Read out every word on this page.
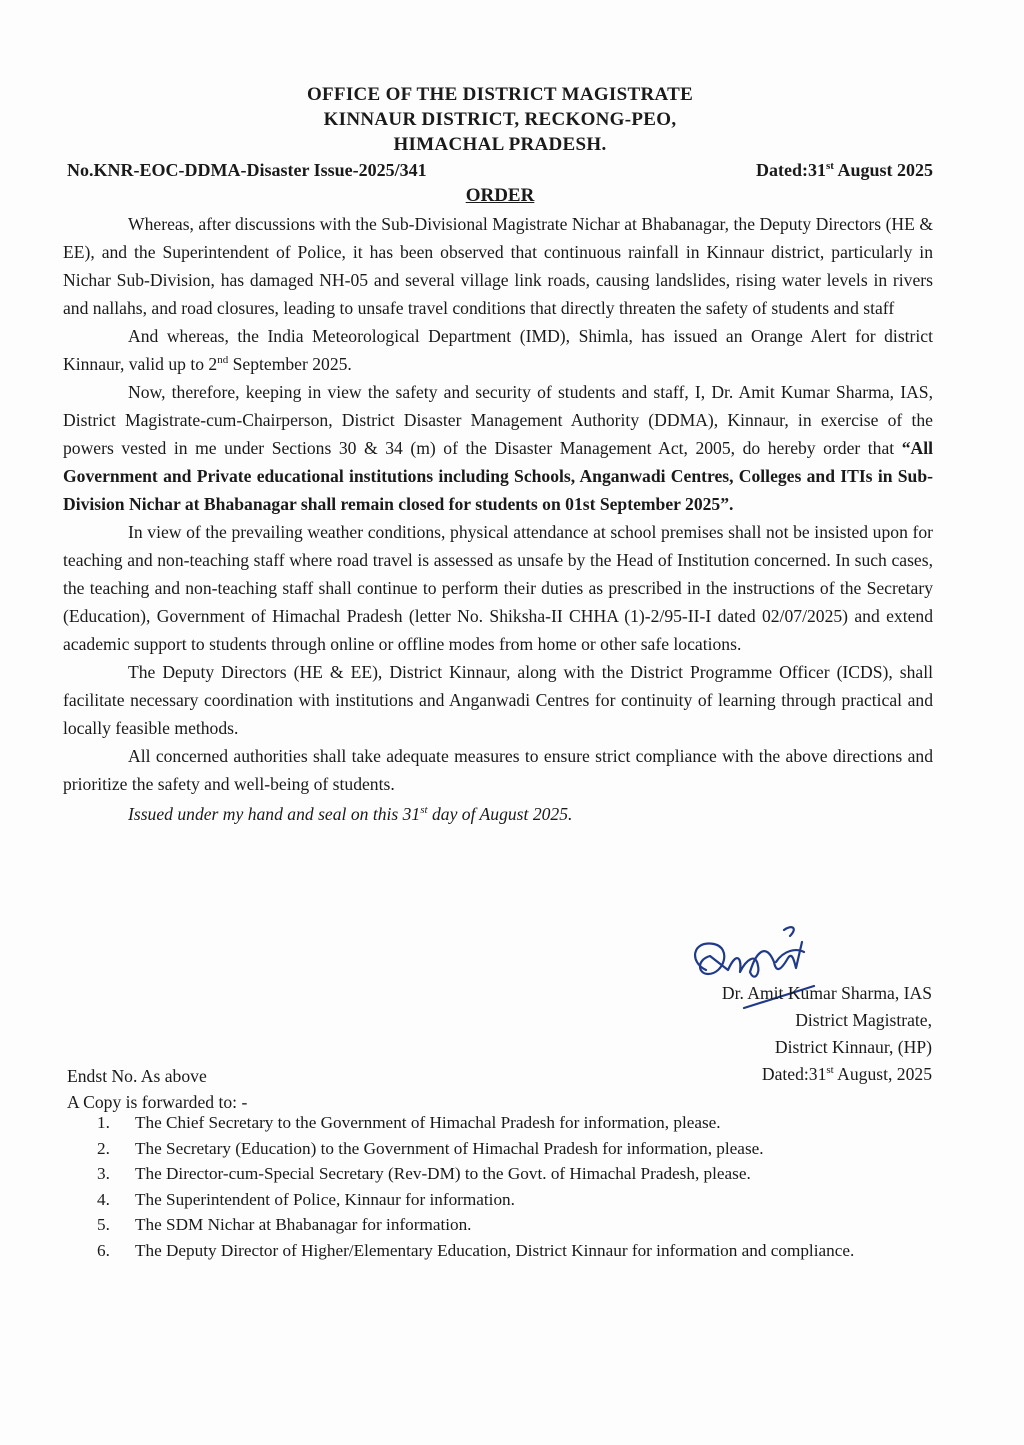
OFFICE OF THE DISTRICT MAGISTRATE
KINNAUR DISTRICT, RECKONG-PEO,
HIMACHAL PRADESH.
No.KNR-EOC-DDMA-Disaster Issue-2025/341	Dated:31st August 2025
ORDER

Whereas, after discussions with the Sub-Divisional Magistrate Nichar at Bhabanagar, the Deputy Directors (HE & EE), and the Superintendent of Police, it has been observed that continuous rainfall in Kinnaur district, particularly in Nichar Sub-Division, has damaged NH-05 and several village link roads, causing landslides, rising water levels in rivers and nallahs, and road closures, leading to unsafe travel conditions that directly threaten the safety of students and staff

And whereas, the India Meteorological Department (IMD), Shimla, has issued an Orange Alert for district Kinnaur, valid up to 2nd September 2025.

Now, therefore, keeping in view the safety and security of students and staff, I, Dr. Amit Kumar Sharma, IAS, District Magistrate-cum-Chairperson, District Disaster Management Authority (DDMA), Kinnaur, in exercise of the powers vested in me under Sections 30 & 34 (m) of the Disaster Management Act, 2005, do hereby order that “All Government and Private educational institutions including Schools, Anganwadi Centres, Colleges and ITIs in Sub-Division Nichar at Bhabanagar shall remain closed for students on 01st September 2025”.

In view of the prevailing weather conditions, physical attendance at school premises shall not be insisted upon for teaching and non-teaching staff where road travel is assessed as unsafe by the Head of Institution concerned. In such cases, the teaching and non-teaching staff shall continue to perform their duties as prescribed in the instructions of the Secretary (Education), Government of Himachal Pradesh (letter No. Shiksha-II CHHA (1)-2/95-II-I dated 02/07/2025) and extend academic support to students through online or offline modes from home or other safe locations.

The Deputy Directors (HE & EE), District Kinnaur, along with the District Programme Officer (ICDS), shall facilitate necessary coordination with institutions and Anganwadi Centres for continuity of learning through practical and locally feasible methods.

All concerned authorities shall take adequate measures to ensure strict compliance with the above directions and prioritize the safety and well-being of students.

Issued under my hand and seal on this 31st day of August 2025.

Dr. Amit Kumar Sharma, IAS
District Magistrate,
District Kinnaur, (HP)
Dated:31st August, 2025
Endst No. As above
A Copy is forwarded to: -
1. The Chief Secretary to the Government of Himachal Pradesh for information, please.
2. The Secretary (Education) to the Government of Himachal Pradesh for information, please.
3. The Director-cum-Special Secretary (Rev-DM) to the Govt. of Himachal Pradesh, please.
4. The Superintendent of Police, Kinnaur for information.
5. The SDM Nichar at Bhabanagar for information.
6. The Deputy Director of Higher/Elementary Education, District Kinnaur for information and compliance.
